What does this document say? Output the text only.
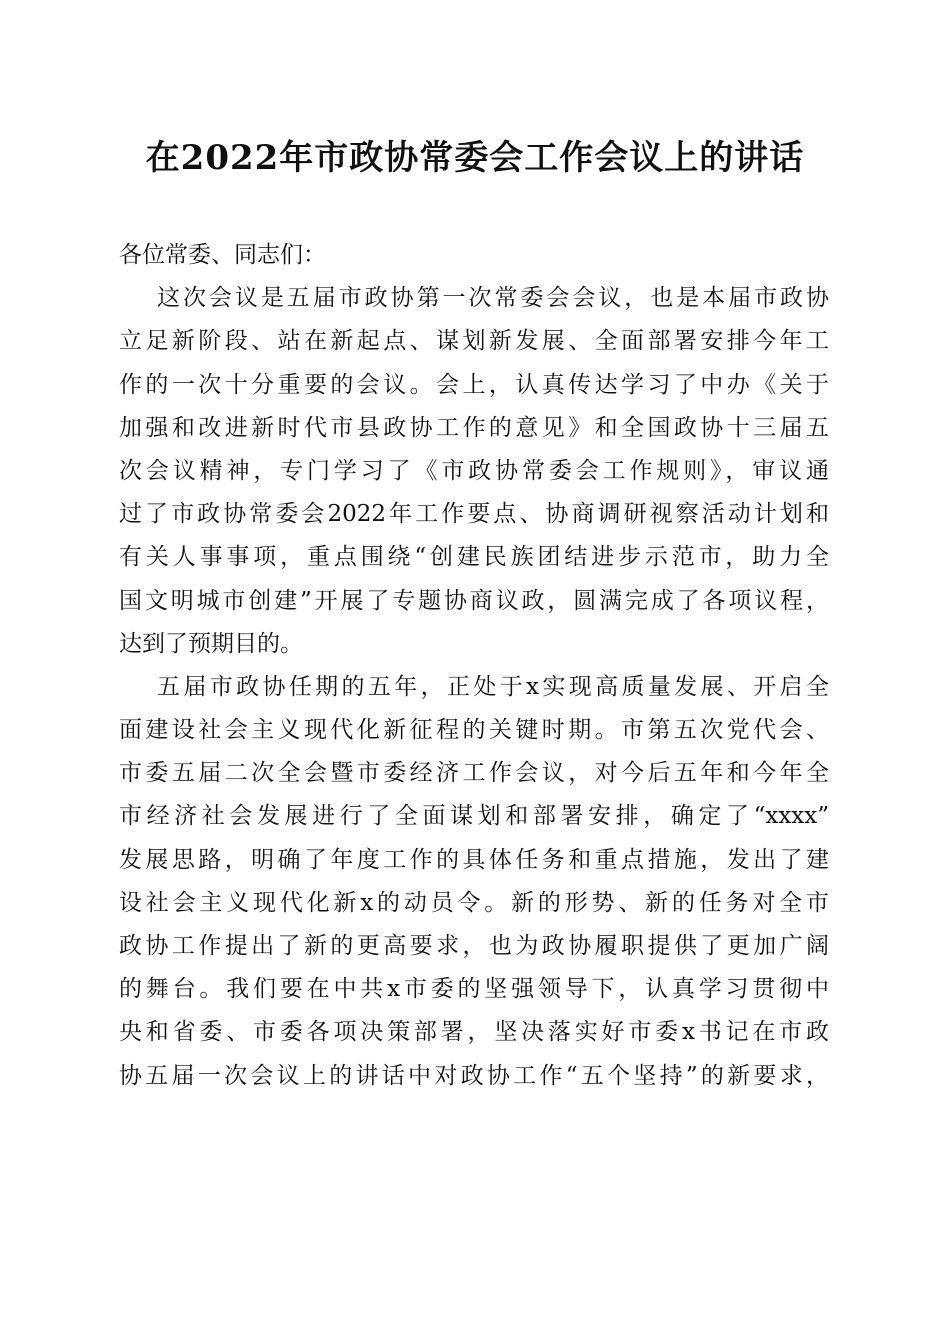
在2022年市政协常委会工作会议上的讲话
各位常委、同志们：
这次会议是五届市政协第一次常委会会议，也是本届市政协
立足新阶段、站在新起点、谋划新发展、全面部署安排今年工
作的一次十分重要的会议。会上，认真传达学习了中办《关于
加强和改进新时代市县政协工作的意见》和全国政协十三届五
次会议精神，专门学习了《市政协常委会工作规则》，审议通
过了市政协常委会2022年工作要点、协商调研视察活动计划和
有关人事事项，重点围绕“创建民族团结进步示范市，助力全
国文明城市创建”开展了专题协商议政，圆满完成了各项议程，
达到了预期目的。
五届市政协任期的五年，正处于x实现高质量发展、开启全
面建设社会主义现代化新征程的关键时期。市第五次党代会、
市委五届二次全会暨市委经济工作会议，对今后五年和今年全
市经济社会发展进行了全面谋划和部署安排，确定了“xxxx”
发展思路，明确了年度工作的具体任务和重点措施，发出了建
设社会主义现代化新x的动员令。新的形势、新的任务对全市
政协工作提出了新的更高要求，也为政协履职提供了更加广阔
的舞台。我们要在中共x市委的坚强领导下，认真学习贯彻中
央和省委、市委各项决策部署，坚决落实好市委x书记在市政
协五届一次会议上的讲话中对政协工作“五个坚持”的新要求，
